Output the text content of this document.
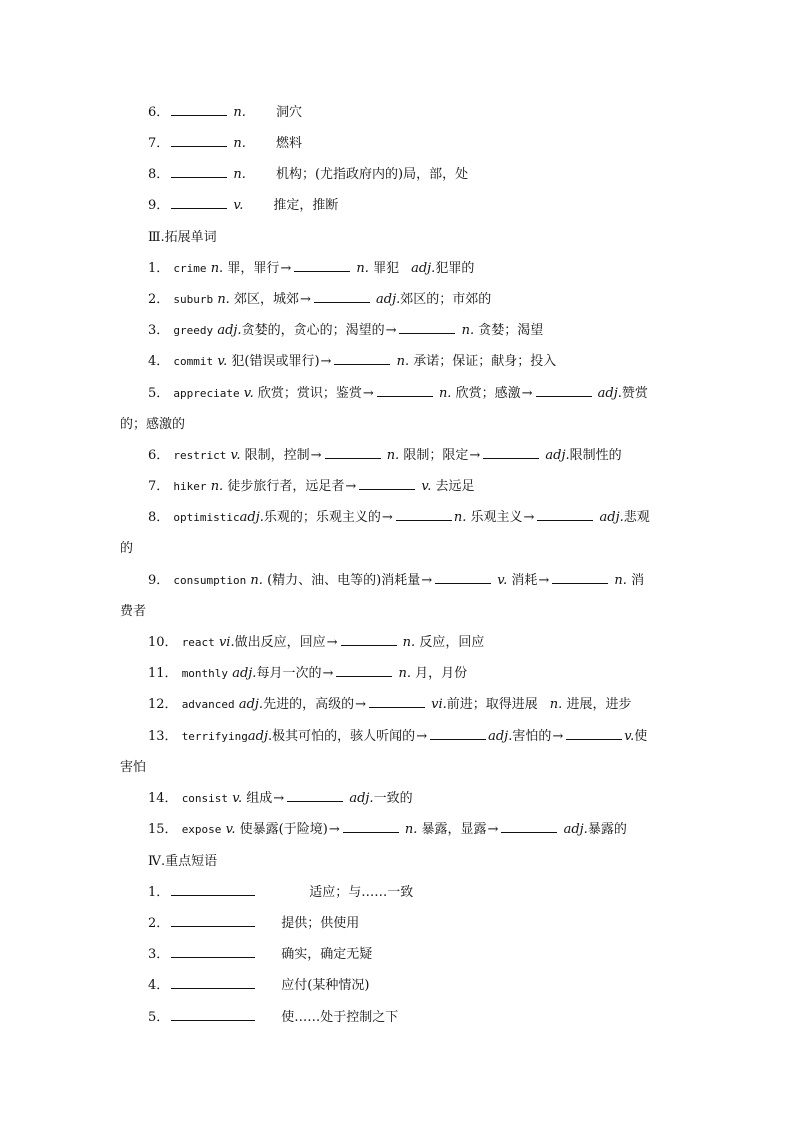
6．	n. 洞穴
7．	n. 燃料
8．	n. 机构；(尤指政府内的)局，部，处
9．	v. 推定，推断
Ⅲ.拓展单词
1． crime n. 罪，罪行→	n. 罪犯 adj.犯罪的
2． suburb n. 郊区，城郊→	adj.郊区的；市郊的
3． greedy adj.贪婪的，贪心的；渴望的→	n. 贪婪；渴望
4． commit v. 犯(错误或罪行)→	n. 承诺；保证；献身；投入
5． appreciate v. 欣赏；赏识；鉴赏→	n. 欣赏；感激→	adj.赞赏
的；感激的
6． restrict v. 限制，控制→	n. 限制；限定→	adj.限制性的
7． hiker n. 徒步旅行者，远足者→	v. 去远足
8． optimisticadj.乐观的；乐观主义的→	n. 乐观主义→	adj.悲观
的
9． consumption n. (精力、油、电等的)消耗量→	v. 消耗→	n. 消
费者
10． react vi.做出反应，回应→	n. 反应，回应
11． monthly adj.每月一次的→	n. 月，月份
12． advanced adj.先进的，高级的→	vi.前进；取得进展 n. 进展，进步
13． terrifyingadj.极其可怕的，骇人听闻的→	adj.害怕的→	v.使
害怕
14． consist v. 组成→	adj.一致的
15． expose v. 使暴露(于险境)→	n. 暴露，显露→	adj.暴露的
Ⅳ.重点短语
1．	适应；与……一致
2．	提供；供使用
3．	确实，确定无疑
4．	应付(某种情况)
5．	使……处于控制之下
